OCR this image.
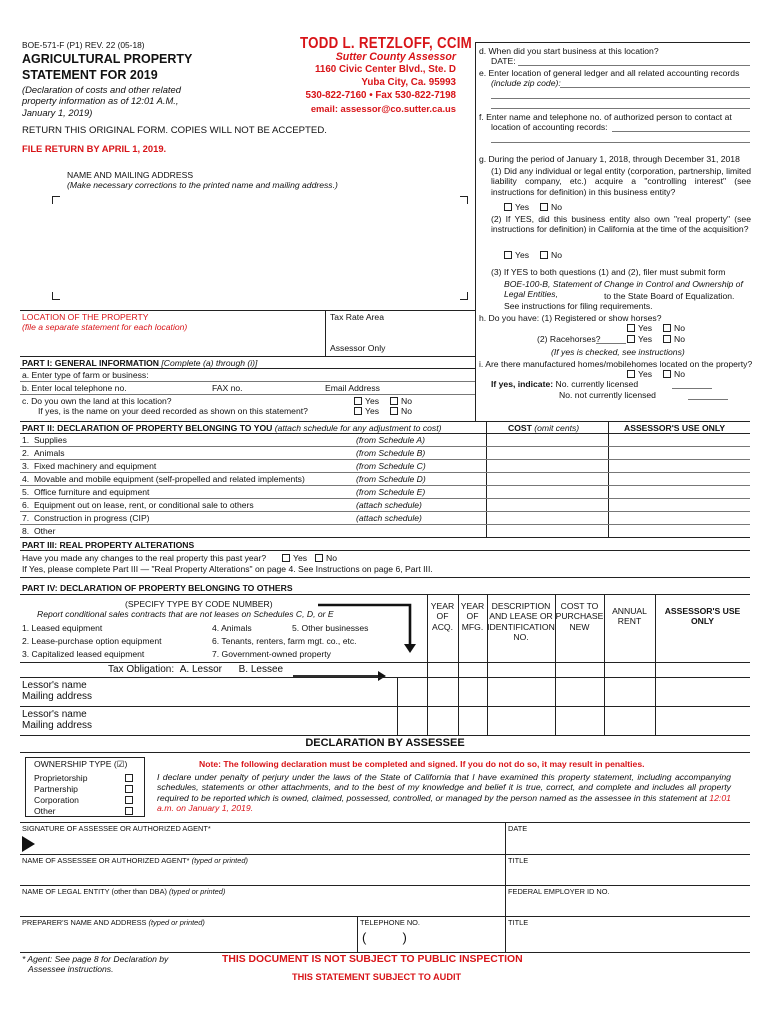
BOE-571-F (P1) REV. 22 (05-18)
AGRICULTURAL PROPERTY
STATEMENT FOR 2019
(Declaration of costs and other related property information as of 12:01 A.M., January 1, 2019)
RETURN THIS ORIGINAL FORM. COPIES WILL NOT BE ACCEPTED.
FILE RETURN BY APRIL 1, 2019.
TODD L. RETZLOFF, CCIM
Sutter County Assessor
1160 Civic Center Blvd., Ste. D
Yuba City, Ca. 95993
530-822-7160 • Fax 530-822-7198
email: assessor@co.sutter.ca.us
NAME AND MAILING ADDRESS
(Make necessary corrections to the printed name and mailing address.)
LOCATION OF THE PROPERTY
(file a separate statement for each location)
Tax Rate Area
Assessor Only
PART I: GENERAL INFORMATION [Complete (a) through (i)]
a. Enter type of farm or business:
b. Enter local telephone no.	FAX no.	Email Address
c. Do you own the land at this location?
If yes, is the name on your deed recorded as shown on this statement?
Yes	No
Yes	No
d. When did you start business at this location?
DATE:
e. Enter location of general ledger and all related accounting records
(include zip code):
f. Enter name and telephone no. of authorized person to contact at
location of accounting records:
g. During the period of January 1, 2018, through December 31, 2018
(1) Did any individual or legal entity (corporation, partnership, limited liability company, etc.) acquire a "controlling interest" (see instructions for definition) in this business entity?
Yes	No
(2) If YES, did this business entity also own "real property" (see instructions for definition) in California at the time of the acquisition?
Yes	No
(3) If YES to both questions (1) and (2), filer must submit form
BOE-100-B, Statement of Change in Control and Ownership of Legal Entities,	to the State Board of Equalization. See instructions for filing requirements.
h. Do you have: (1) Registered or show horses?
Yes	No
(2) Racehorses?	Yes	No
(If yes is checked, see instructions)
i. Are there manufactured homes/mobilehomes located on the property?
Yes	No
If yes, indicate: No. currently licensed
No. not currently licensed
PART II: DECLARATION OF PROPERTY BELONGING TO YOU (attach schedule for any adjustment to cost)	COST (omit cents)	ASSESSOR'S USE ONLY
1. Supplies	(from Schedule A)
2. Animals	(from Schedule B)
3. Fixed machinery and equipment	(from Schedule C)
4. Movable and mobile equipment (self-propelled and related implements)	(from Schedule D)
5. Office furniture and equipment	(from Schedule E)
6. Equipment out on lease, rent, or conditional sale to others	(attach schedule)
7. Construction in progress (CIP)	(attach schedule)
8. Other
PART III: REAL PROPERTY ALTERATIONS
Have you made any changes to the real property this past year?	Yes	No
If Yes, please complete Part III — "Real Property Alterations" on page 4. See Instructions on page 6, Part III.
PART IV: DECLARATION OF PROPERTY BELONGING TO OTHERS
(SPECIFY TYPE BY CODE NUMBER)
Report conditional sales contracts that are not leases on Schedules C, D, or E
1. Leased equipment	4. Animals	5. Other businesses
2. Lease-purchase option equipment	6. Tenants, renters, farm mgt. co., etc.
3. Capitalized leased equipment	7. Government-owned property
YEAR OF ACQ.
YEAR OF MFG.
DESCRIPTION AND LEASE OR IDENTIFICATION NO.
COST TO PURCHASE NEW
ANNUAL RENT
ASSESSOR'S USE ONLY
Tax Obligation: A. Lessor B. Lessee
Lessor's name
Mailing address
Lessor's name
Mailing address
DECLARATION BY ASSESSEE
OWNERSHIP TYPE (☑)
Proprietorship
Partnership
Corporation
Other
Note: The following declaration must be completed and signed. If you do not do so, it may result in penalties.
I declare under penalty of perjury under the laws of the State of California that I have examined this property statement, including accompanying schedules, statements or other attachments, and to the best of my knowledge and belief it is true, correct, and complete and includes all property required to be reported which is owned, claimed, possessed, controlled, or managed by the person named as the assessee in this statement at 12:01 a.m. on January 1, 2019.
SIGNATURE OF ASSESSEE OR AUTHORIZED AGENT*	DATE
NAME OF ASSESSEE OR AUTHORIZED AGENT* (typed or printed)	TITLE
NAME OF LEGAL ENTITY (other than DBA) (typed or printed)	FEDERAL EMPLOYER ID NO.
PREPARER'S NAME AND ADDRESS (typed or printed)	TELEPHONE NO.
(          )
TITLE
* Agent: See page 8 for Declaration by
Assessee instructions.
THIS DOCUMENT IS NOT SUBJECT TO PUBLIC INSPECTION
THIS STATEMENT SUBJECT TO AUDIT
